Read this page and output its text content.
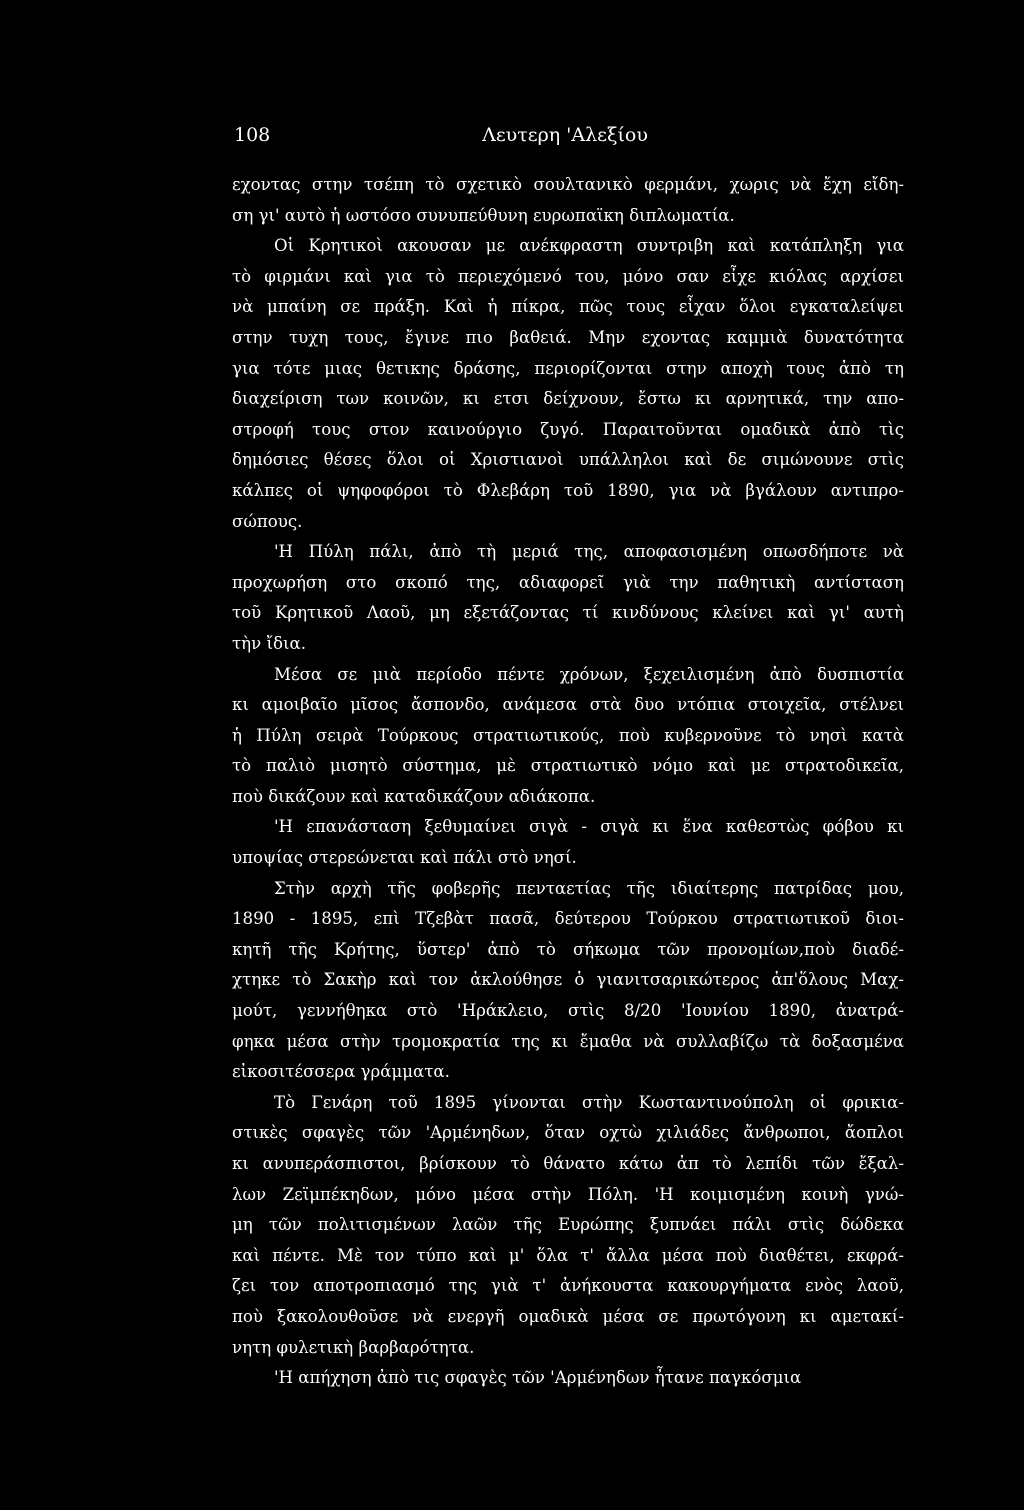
108	Λευτερη 'Αλεξίου

εχοντας στην τσέπη τὸ σχετικὸ σουλτανικὸ φερμάνι, χωρις νὰ ἔχη εἴδη-
ση γι' αυτὸ ἡ ωστόσο συνυπεύθυνη ευρωπαϊκη διπλωματία.

Οἱ Κρητικοὶ ακουσαν με ανέκφραστη συντριβη καὶ κατάπληξη για
τὸ φιρμάνι καὶ για τὸ περιεχόμενό του, μόνο σαν εἶχε κιόλας αρχίσει
νὰ μπαίνη σε πράξη. Καὶ ἡ πίκρα, πῶς τους εἶχαν ὅλοι εγκαταλείψει
στην τυχη τους, ἔγινε πιο βαθειά. Μην εχοντας καμμιὰ δυνατότητα
για τότε μιας θετικης δράσης, περιορίζονται στην αποχὴ τους ἀπὸ τη
διαχείριση των κοινῶν, κι ετσι δείχνουν, ἔστω κι αρνητικά, την απο-
στροφή τους στον καινούργιο ζυγό. Παραιτοῦνται ομαδικὰ ἀπὸ τὶς
δημόσιες θέσες ὅλοι οἱ Χριστιανοὶ υπάλληλοι καὶ δε σιμώνουνε στὶς
κάλπες οἱ ψηφοφόροι τὸ Φλεβάρη τοῦ 1890, για νὰ βγάλουν αντιπρο-
σώπους.

'Η Πύλη πάλι, ἀπὸ τὴ μεριά της, αποφασισμένη οπωσδήποτε νὰ
προχωρήση στο σκοπό της, αδιαφορεῖ γιὰ την παθητικὴ αντίσταση
τοῦ Κρητικοῦ Λαοῦ, μη εξετάζοντας τί κινδύνους κλείνει καὶ γι' αυτὴ
τὴν ἴδια.

Μέσα σε μιὰ περίοδο πέντε χρόνων, ξεχειλισμένη ἀπὸ δυσπιστία
κι αμοιβαῖο μῖσος ἄσπονδο, ανάμεσα στὰ δυο ντόπια στοιχεῖα, στέλνει
ἡ Πύλη σειρὰ Τούρκους στρατιωτικούς, ποὺ κυβερνοῦνε τὸ νησὶ κατὰ
τὸ παλιὸ μισητὸ σύστημα, μὲ στρατιωτικὸ νόμο καὶ με στρατοδικεῖα,
ποὺ δικάζουν καὶ καταδικάζουν αδιάκοπα.

'Η επανάσταση ξεθυμαίνει σιγὰ - σιγὰ κι ἕνα καθεστὼς φόβου κι
υποψίας στερεώνεται καὶ πάλι στὸ νησί.

Στὴν αρχὴ τῆς φοβερῆς πενταετίας τῆς ιδιαίτερης πατρίδας μου,
1890 - 1895, επὶ Τζεβὰτ πασᾶ, δεύτερου Τούρκου στρατιωτικοῦ διοι-
κητῆ τῆς Κρήτης, ὕστερ' ἀπὸ τὸ σήκωμα τῶν προνομίων,ποὺ διαδέ-
χτηκε τὸ Σακὴρ καὶ τον ἀκλούθησε ὁ γιανιτσαρικώτερος ἀπ'ὅλους Μαχ-
μούτ, γεννήθηκα στὸ 'Ηράκλειο, στὶς 8/20 'Ιουνίου 1890, ἀνατρά-
φηκα μέσα στὴν τρομοκρατία της κι ἔμαθα νὰ συλλαβίζω τὰ δοξασμένα
εἰκοσιτέσσερα γράμματα.

Τὸ Γενάρη τοῦ 1895 γίνονται στὴν Κωσταντινούπολη οἱ φρικια-
στικὲς σφαγὲς τῶν 'Αρμένηδων, ὅταν οχτὼ χιλιάδες ἄνθρωποι, ἄοπλοι
κι ανυπεράσπιστοι, βρίσκουν τὸ θάνατο κάτω ἀπ τὸ λεπίδι τῶν ἔξαλ-
λων Ζεϊμπέκηδων, μόνο μέσα στὴν Πόλη. 'Η κοιμισμένη κοινὴ γνώ-
μη τῶν πολιτισμένων λαῶν τῆς Ευρώπης ξυπνάει πάλι στὶς δώδεκα
καὶ πέντε. Μὲ τον τύπο καὶ μ' ὅλα τ' ἄλλα μέσα ποὺ διαθέτει, εκφρά-
ζει τον αποτροπιασμό της γιὰ τ' ἀνήκουστα κακουργήματα ενὸς λαοῦ,
ποὺ ξακολουθοῦσε νὰ ενεργῆ ομαδικὰ μέσα σε πρωτόγονη κι αμετακί-
νητη φυλετικὴ βαρβαρότητα.

'Η απήχηση ἀπὸ τις σφαγὲς τῶν 'Αρμένηδων ἦτανε παγκόσμια
